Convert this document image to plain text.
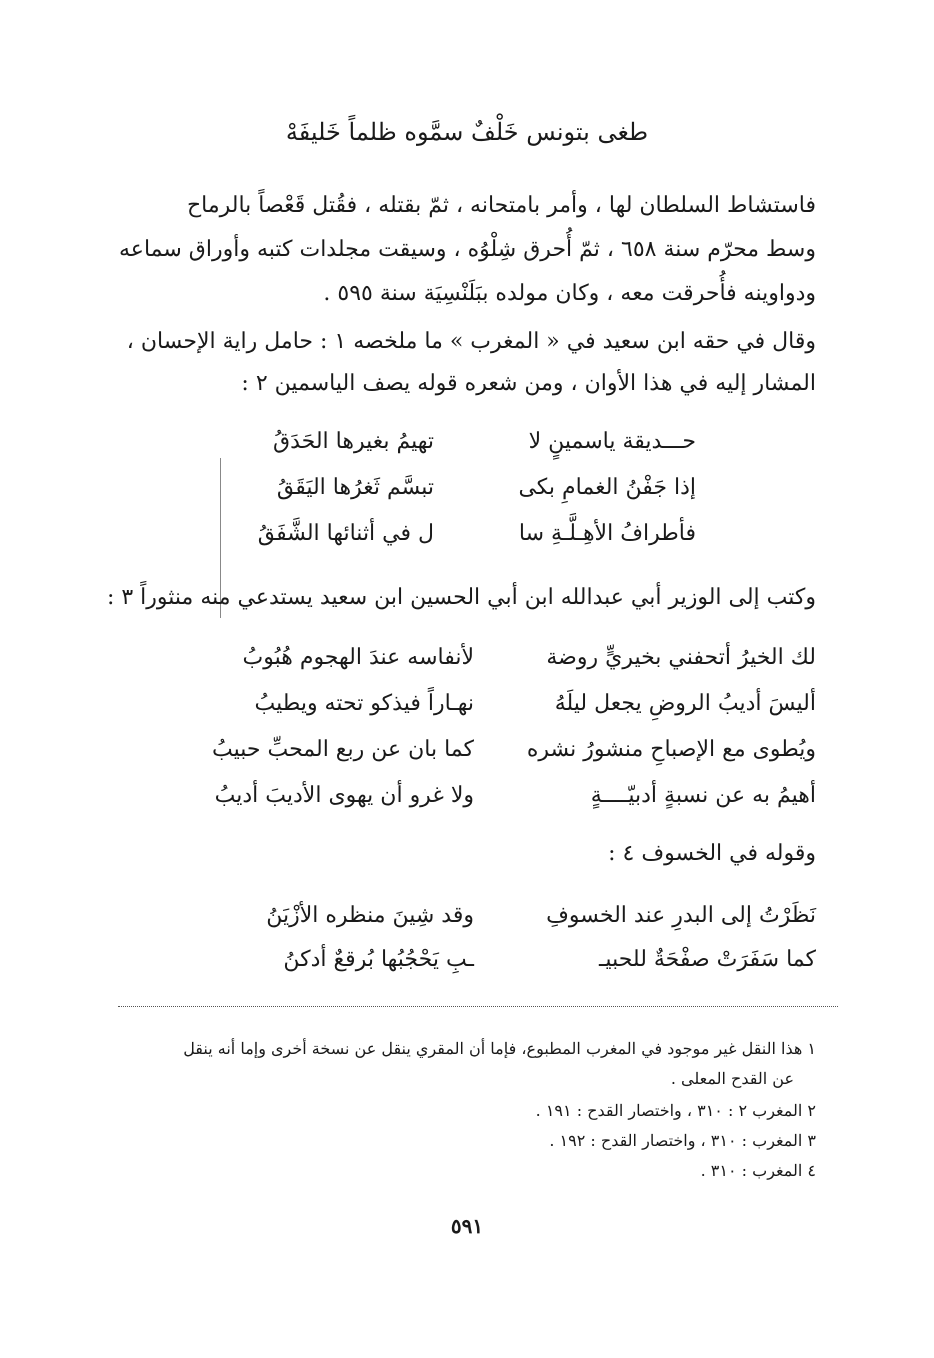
طغى بتونس خَلْفٌ سمَّوه ظلماً خَليفَهْ
فاستشاط السلطان لها ، وأمر بامتحانه ، ثمّ بقتله ، فقُتل قَعْصاً بالرماح
وسط محرّم سنة ٦٥٨ ، ثمّ أُحرق شِلْوُه ، وسيقت مجلدات كتبه وأوراق سماعه
ودواوينه فأُحرقت معه ، وكان مولده ببَلَنْسِيَة سنة ٥٩٥ .
وقال في حقه ابن سعيد في « المغرب » ما ملخصه ١ : حامل راية الإحسان ،
المشار إليه في هذا الأوان ، ومن شعره قوله يصف الياسمين ٢ :
حـــديقة ياسمينٍ لا
تهيمُ بغيرها الحَدَقُ
إذا جَفْنُ الغمامِ بكى
تبسَّم ثَغرُها اليَقَقُ
فأطرافُ الأهِـلَّـةِ سا
ل في أثنائها الشَّفَقُ
وكتب إلى الوزير أبي عبدالله ابن أبي الحسين ابن سعيد يستدعي منه منثوراً ٣ :
لك الخيرُ أتحفني بخيريٍّ روضة
لأنفاسه عندَ الهجوم هُبُوبُ
أليسَ أديبُ الروضِ يجعل ليلَهُ
نهـاراً فيذكو تحته ويطيبُ
ويُطوى مع الإصباحِ منشورُ نشره
كما بان عن ربع المحبِّ حبيبُ
أهيمُ به عن نسبةٍ أدبيّــــةٍ
ولا غرو أن يهوى الأديبَ أديبُ
وقوله في الخسوف ٤ :
نَظَرْتُ إلى البدرِ عند الخسوفِ
وقد شِينَ منظره الأزْيَنُ
كما سَفَرَتْ صفْحَةٌ للحبيـ
ـبِ يَحْجُبُها بُرقعٌ أدكنُ
١ هذا النقل غير موجود في المغرب المطبوع، فإما أن المقري ينقل عن نسخة أخرى وإما أنه ينقل
عن القدح المعلى .
٢ المغرب ٢ : ٣١٠ ، واختصار القدح : ١٩١ .
٣ المغرب : ٣١٠ ، واختصار القدح : ١٩٢ .
٤ المغرب : ٣١٠ .
٥٩١
